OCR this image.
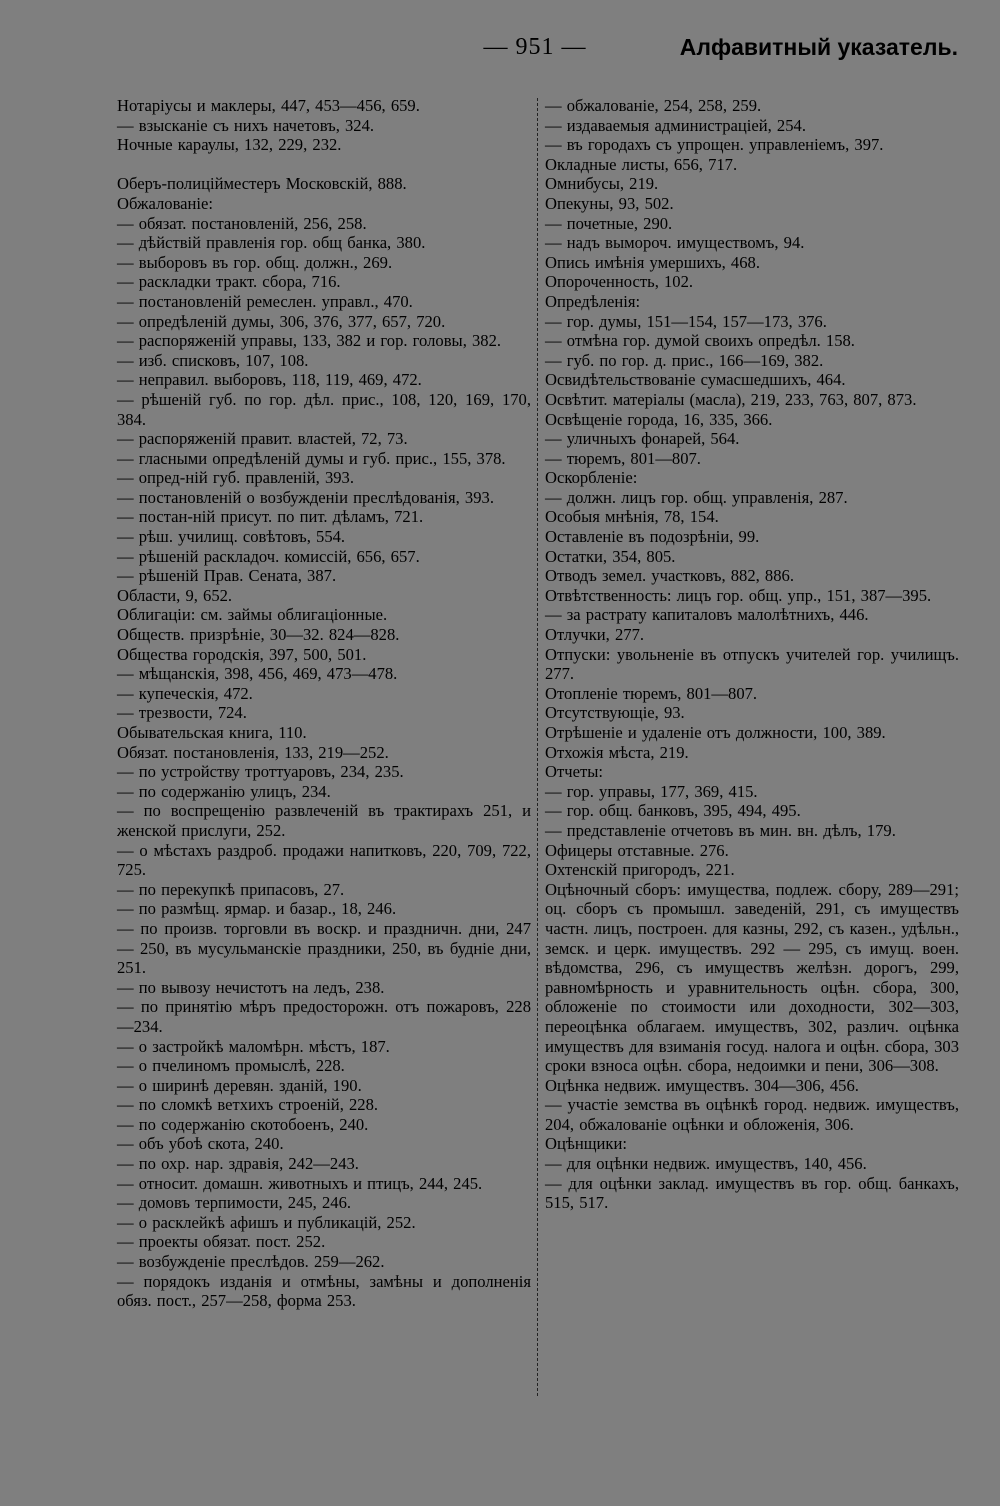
— 951 —	Алфавитный указатель.
Нотаріусы и маклеры, 447, 453—456, 659.
— взысканіе съ нихъ начетовъ, 324.
Ночные караулы, 132, 229, 232.
Оберъ-полиційместеръ Московскій, 888.
Обжалованіе:
— обязат. постановленій, 256, 258.
— дѣйствій правленія гор. общ банка, 380.
— выборовъ въ гор. общ. должн., 269.
— раскладки тракт. сбора, 716.
— постановленій ремеслен. управл., 470.
— опредѣленій думы, 306, 376, 377, 657, 720.
— распоряженій управы, 133, 382 и гор. головы, 382.
— изб. списковъ, 107, 108.
— неправил. выборовъ, 118, 119, 469, 472.
— рѣшеній губ. по гор. дѣл. прис., 108, 120, 169, 170, 384.
— распоряженій правит. властей, 72, 73.
— гласными опредѣленій думы и губ. прис., 155, 378.
— опред-ній губ. правленій, 393.
— постановленій о возбужденіи преслѣдованія, 393.
— постан-ній присут. по пит. дѣламъ, 721.
— рѣш. училищ. совѣтовъ, 554.
— рѣшеній раскладоч. комиссій, 656, 657.
— рѣшеній Прав. Сената, 387.
Области, 9, 652.
Облигаціи: см. займы облигаціонные.
Обществ. призрѣніе, 30—32. 824—828.
Общества городскія, 397, 500, 501.
— мѣщанскія, 398, 456, 469, 473—478.
— купеческія, 472.
— трезвости, 724.
Обывательская книга, 110.
Обязат. постановленія, 133, 219—252.
— по устройству троттуаровъ, 234, 235.
— по содержанію улицъ, 234.
— по воспрещенію развлеченій въ трактирахъ 251, и женской прислуги, 252.
— о мѣстахъ раздроб. продажи напитковъ, 220, 709, 722, 725.
— по перекупкѣ припасовъ, 27.
— по размѣщ. ярмар. и базар., 18, 246.
— по произв. торговли въ воскр. и праздничн. дни, 247 — 250, въ мусульманскіе праздники, 250, въ будніе дни, 251.
— по вывозу нечистотъ на ледъ, 238.
— по принятію мѣръ предосторожн. отъ пожаровъ, 228—234.
— о застройкѣ маломѣрн. мѣстъ, 187.
— о пчелиномъ промыслѣ, 228.
— о ширинѣ деревян. зданій, 190.
— по сломкѣ ветхихъ строеній, 228.
— по содержанію скотобоенъ, 240.
— объ убоѣ скота, 240.
— по охр. нар. здравія, 242—243.
— относит. домашн. животныхъ и птицъ, 244, 245.
— домовъ терпимости, 245, 246.
— о расклейкѣ афишъ и публикацій, 252.
— проекты обязат. пост. 252.
— возбужденіе преслѣдов. 259—262.
— порядокъ изданія и отмѣны, замѣны и дополненія обяз. пост., 257—258, форма 253.
— обжалованіе, 254, 258, 259.
— издаваемыя администраціей, 254.
— въ городахъ съ упрощен. управленіемъ, 397.
Окладные листы, 656, 717.
Омнибусы, 219.
Опекуны, 93, 502.
— почетные, 290.
— надъ вымороч. имуществомъ, 94.
Опись имѣнія умершихъ, 468.
Опороченность, 102.
Опредѣленія:
— гор. думы, 151—154, 157—173, 376.
— отмѣна гор. думой своихъ опредѣл. 158.
— губ. по гор. д. прис., 166—169, 382.
Освидѣтельствованіе сумасшедшихъ, 464.
Освѣтит. матеріалы (масла), 219, 233, 763, 807, 873.
Освѣщеніе города, 16, 335, 366.
— уличныхъ фонарей, 564.
— тюремъ, 801—807.
Оскорбленіе:
— должн. лицъ гор. общ. управленія, 287.
Особыя мнѣнія, 78, 154.
Оставленіе въ подозрѣніи, 99.
Остатки, 354, 805.
Отводъ земел. участковъ, 882, 886.
Отвѣтственность: лицъ гор. общ. упр., 151, 387—395.
— за растрату капиталовъ малолѣтнихъ, 446.
Отлучки, 277.
Отпуски: увольненіе въ отпускъ учителей гор. училищъ. 277.
Отопленіе тюремъ, 801—807.
Отсутствующіе, 93.
Отрѣшеніе и удаленіе отъ должности, 100, 389.
Отхожія мѣста, 219.
Отчеты:
— гор. управы, 177, 369, 415.
— гор. общ. банковъ, 395, 494, 495.
— представленіе отчетовъ въ мин. вн. дѣлъ, 179.
Офицеры отставные. 276.
Охтенскій пригородъ, 221.
Оцѣночный сборъ: имущества, подлеж. сбору, 289—291; оц. сборъ съ промышл. заведеній, 291, съ имуществъ частн. лицъ, построен. для казны, 292, съ казен., удѣльн., земск. и церк. имуществъ. 292 — 295, съ имущ. воен. вѣдомства, 296, съ имуществъ желѣзн. дорогъ, 299, равномѣрность и уравнительность оцѣн. сбора, 300, обложеніе по стоимости или доходности, 302—303, переоцѣнка облагаем. имуществъ, 302, различ. оцѣнка имуществъ для взиманія госуд. налога и оцѣн. сбора, 303 сроки взноса оцѣн. сбора, недоимки и пени, 306—308.
Оцѣнка недвиж. имуществъ. 304—306, 456.
— участіе земства въ оцѣнкѣ город. недвиж. имуществъ, 204, обжалованіе оцѣнки и обложенія, 306.
Оцѣнщики:
— для оцѣнки недвиж. имуществъ, 140, 456.
— для оцѣнки заклад. имуществъ въ гор. общ. банкахъ, 515, 517.
